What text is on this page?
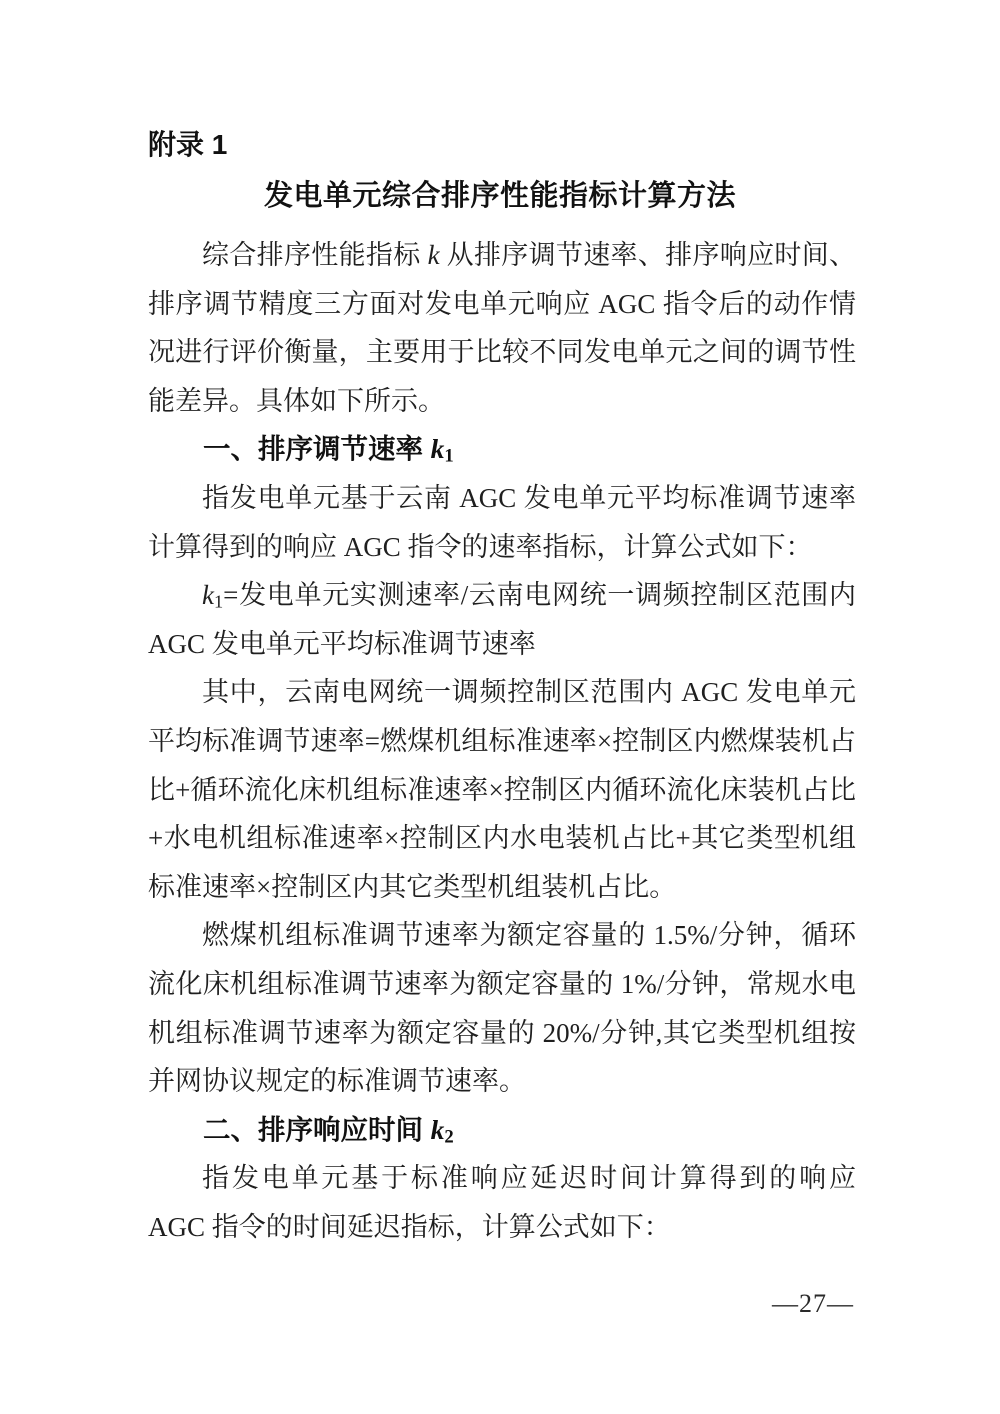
附录 1
发电单元综合排序性能指标计算方法

综合排序性能指标 k 从排序调节速率、排序响应时间、排序调节精度三方面对发电单元响应 AGC 指令后的动作情况进行评价衡量，主要用于比较不同发电单元之间的调节性能差异。具体如下所示。

一、排序调节速率 $k_1$

指发电单元基于云南 AGC 发电单元平均标准调节速率计算得到的响应 AGC 指令的速率指标，计算公式如下：

$k_1=$发电单元实测速率/云南电网统一调频控制区范围内 AGC 发电单元平均标准调节速率

其中，云南电网统一调频控制区范围内 AGC 发电单元平均标准调节速率=燃煤机组标准速率×控制区内燃煤装机占比+循环流化床机组标准速率×控制区内循环流化床装机占比+水电机组标准速率×控制区内水电装机占比+其它类型机组标准速率×控制区内其它类型机组装机占比。

燃煤机组标准调节速率为额定容量的 1.5%/分钟，循环流化床机组标准调节速率为额定容量的 1%/分钟，常规水电机组标准调节速率为额定容量的 20%/分钟,其它类型机组按并网协议规定的标准调节速率。

二、排序响应时间 $k_2$

指发电单元基于标准响应延迟时间计算得到的响应 AGC 指令的时间延迟指标，计算公式如下：

—27—
